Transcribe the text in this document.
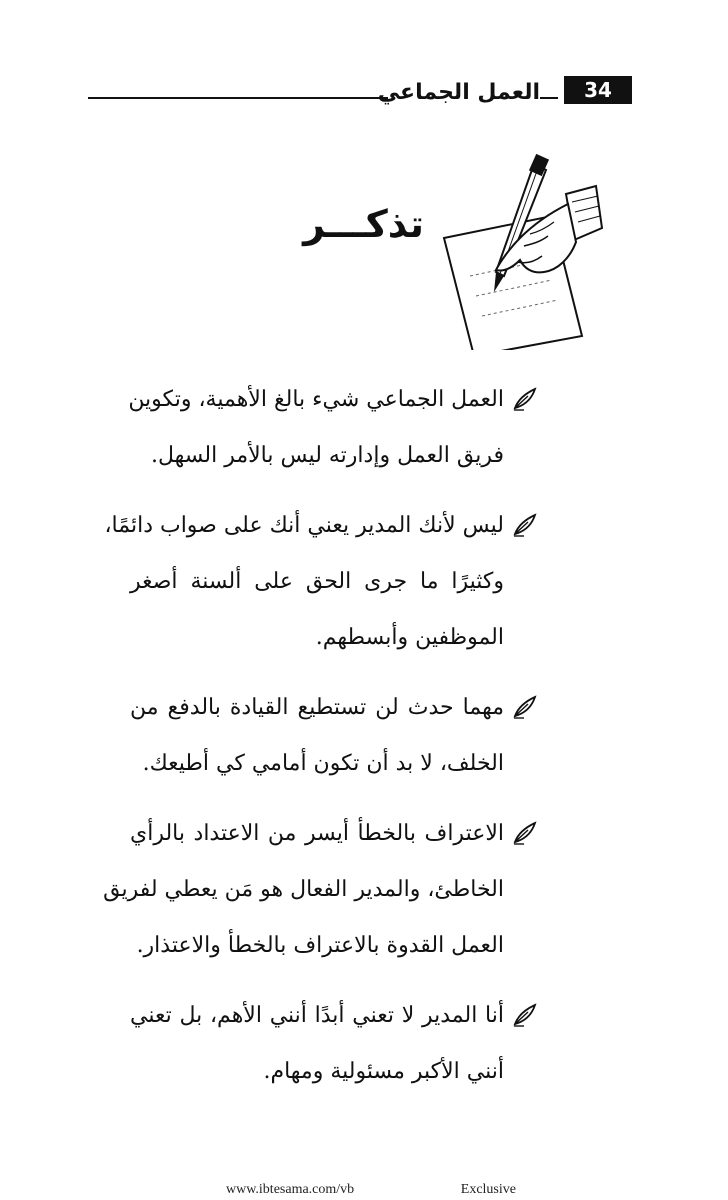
العمل الجماعي	34
تذكـــر
العمل الجماعي شيء بالغ الأهمية، وتكوين
فريق العمل وإدارته ليس بالأمر السهل.
ليس لأنك المدير يعني أنك على صواب دائمًا،
وكثيرًا ما جرى الحق على ألسنة أصغر
الموظفين وأبسطهم.
مهما حدث لن تستطيع القيادة بالدفع من
الخلف، لا بد أن تكون أمامي كي أطيعك.
الاعتراف بالخطأ أيسر من الاعتداد بالرأي
الخاطئ، والمدير الفعال هو مَن يعطي لفريق
العمل القدوة بالاعتراف بالخطأ والاعتذار.
أنا المدير لا تعني أبدًا أنني الأهم، بل تعني
أنني الأكبر مسئولية ومهام.
www.ibtesama.com/vb	Exclusive
